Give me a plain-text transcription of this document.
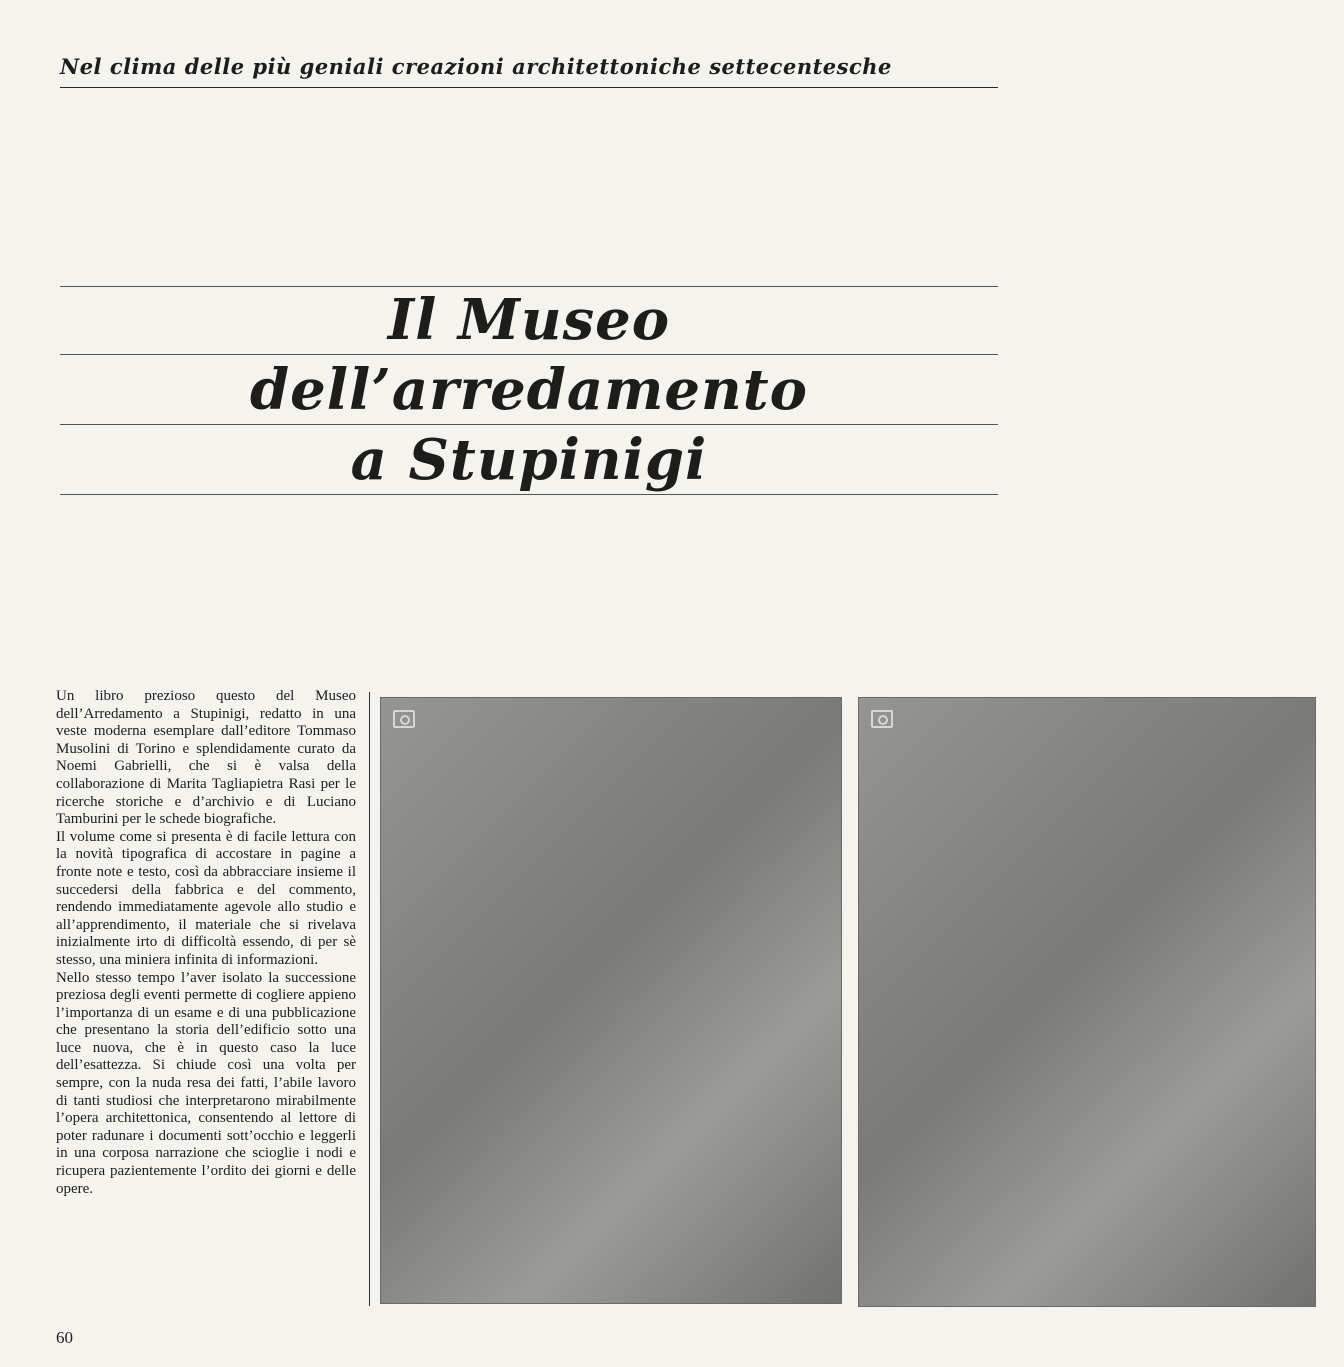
Nel clima delle più geniali creazioni architettoniche settecentesche
Il Museo
dell’arredamento
a Stupinigi

Un libro prezioso questo del Museo dell’Arredamento a Stupinigi, redatto in una veste moderna esemplare dall’editore Tommaso Musolini di Torino e splendidamente curato da Noemi Gabrielli, che si è valsa della collaborazione di Marita Tagliapietra Rasi per le ricerche storiche e d’archivio e di Luciano Tamburini per le schede biografiche.

Il volume come si presenta è di facile lettura con la novità tipografica di accostare in pagine a fronte note e testo, così da abbracciare insieme il succedersi della fabbrica e del commento, rendendo immediatamente agevole allo studio e all’apprendimento, il materiale che si rivelava inizialmente irto di difficoltà essendo, di per sè stesso, una miniera infinita di informazioni.

Nello stesso tempo l’aver isolato la successione preziosa degli eventi permette di cogliere appieno l’importanza di un esame e di una pubblicazione che presentano la storia dell’edificio sotto una luce nuova, che è in questo caso la luce dell’esattezza. Si chiude così una volta per sempre, con la nuda resa dei fatti, l’abile lavoro di tanti studiosi che interpretarono mirabilmente l’opera architettonica, consentendo al lettore di poter radunare i documenti sott’occhio e leggerli in una corposa narrazione che scioglie i nodi e ricupera pazientemente l’ordito dei giorni e delle opere.

60
